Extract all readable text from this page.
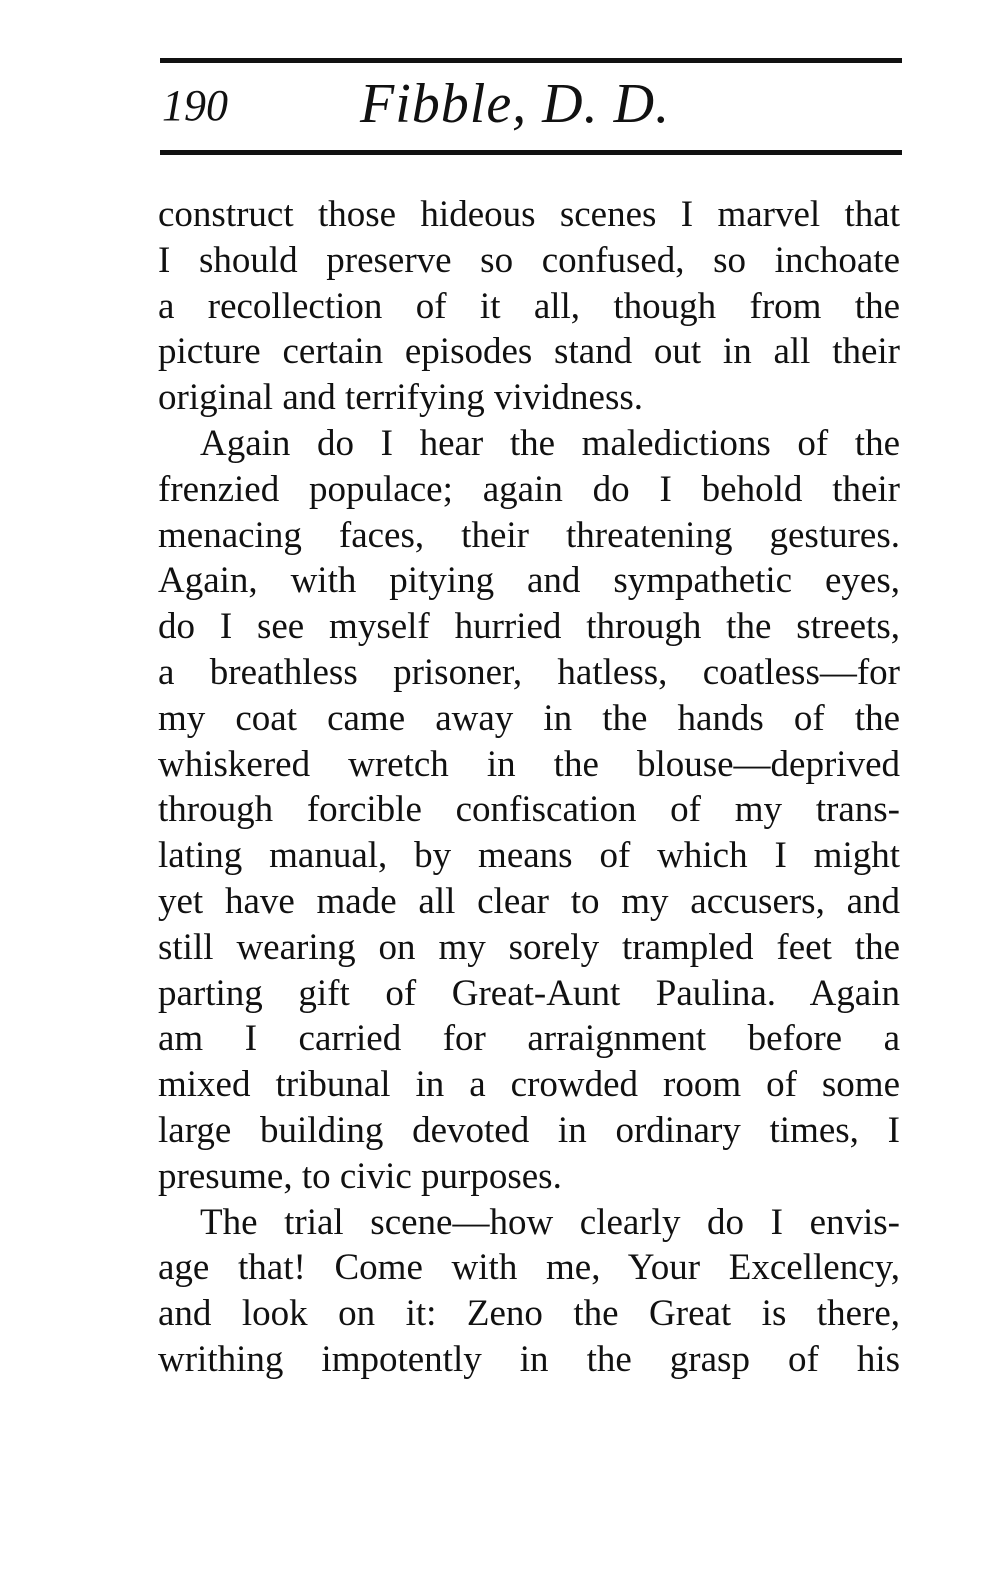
190 Fibble, D. D.
construct those hideous scenes I marvel that
I should preserve so confused, so inchoate
a recollection of it all, though from the
picture certain episodes stand out in all their
original and terrifying vividness.
Again do I hear the maledictions of the
frenzied populace; again do I behold their
menacing faces, their threatening gestures.
Again, with pitying and sympathetic eyes,
do I see myself hurried through the streets,
a breathless prisoner, hatless, coatless—for
my coat came away in the hands of the
whiskered wretch in the blouse—deprived
through forcible confiscation of my trans-
lating manual, by means of which I might
yet have made all clear to my accusers, and
still wearing on my sorely trampled feet the
parting gift of Great-Aunt Paulina. Again
am I carried for arraignment before a
mixed tribunal in a crowded room of some
large building devoted in ordinary times, I
presume, to civic purposes.
The trial scene—how clearly do I envis-
age that! Come with me, Your Excellency,
and look on it: Zeno the Great is there,
writhing impotently in the grasp of his
